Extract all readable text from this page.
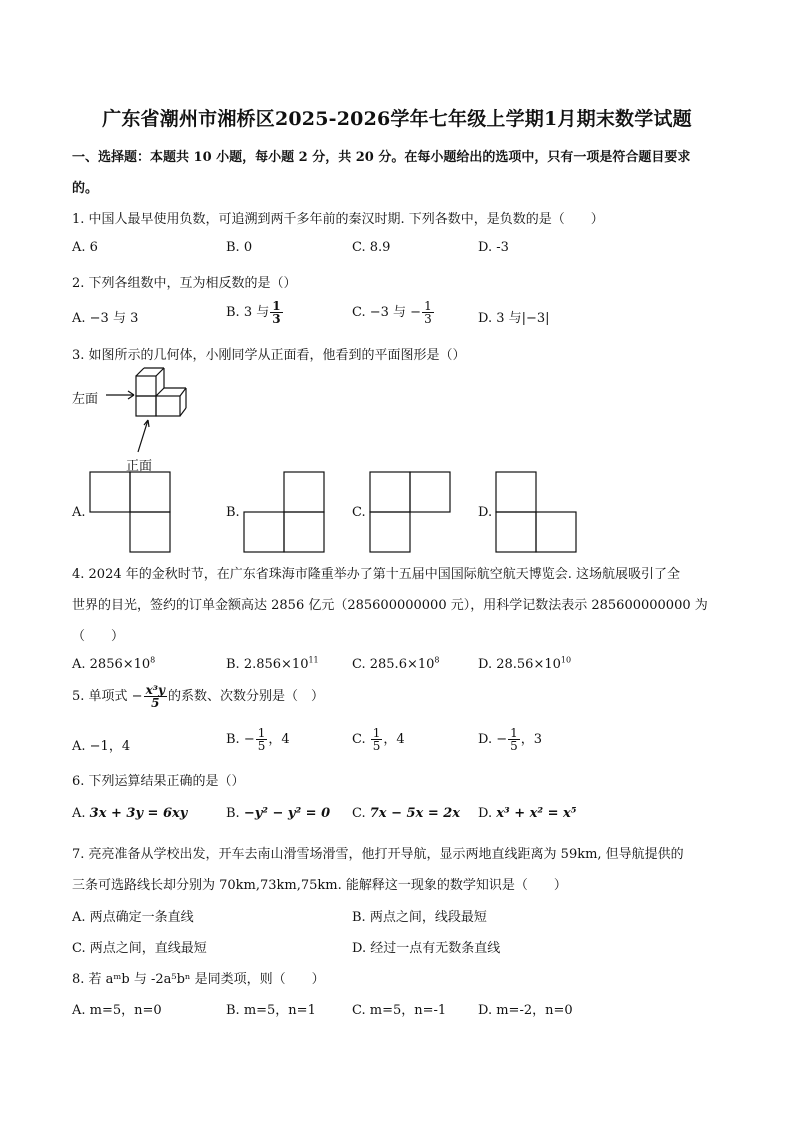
广东省潮州市湘桥区2025-2026学年七年级上学期1月期末数学试题
一、选择题：本题共 10 小题，每小题 2 分，共 20 分。在每小题给出的选项中，只有一项是符合题目要求
的。
1. 中国人最早使用负数，可追溯到两千多年前的秦汉时期. 下列各数中，是负数的是（　　）
A. 6	B. 0	C. 8.9	D. -3
2. 下列各组数中，互为相反数的是（）
A. −3 与 3	B. 3 与 $\frac{1}{3}$	C. −3 与 − $\frac{1}{3}$	D. 3 与|−3|
3. 如图所示的几何体，小刚同学从正面看，他看到的平面图形是（）
左面
正面
A.	B.	C.	D.
4. 2024 年的金秋时节，在广东省珠海市隆重举办了第十五届中国国际航空航天博览会. 这场航展吸引了全
世界的目光，签约的订单金额高达 2856 亿元（285600000000 元），用科学记数法表示 285600000000 为
（　　）
A. $2856\times 10^8$	B. $2.856\times 10^{11}$	C. $285.6\times 10^8$	D. $28.56\times 10^{10}$
5. 单项式 − $\frac{\text{x³y}}{5}$ 的系数、次数分别是（　）
A. −1，4	B. − $\frac{1}{5}$ ，4	C. $\frac{1}{5}$ ，4	D. − $\frac{1}{5}$ ，3
6. 下列运算结果正确的是（）
A. 3x + 3y = 6xy	B. −y² − y² = 0 C. 7x − 5x = 2x D. x³ + x² = x⁵
7. 亮亮准备从学校出发，开车去南山滑雪场滑雪，他打开导航，显示两地直线距离为 59km, 但导航提供的
三条可选路线长却分别为 70km,73km,75km. 能解释这一现象的数学知识是（　　）
A. 两点确定一条直线	B. 两点之间，线段最短
C. 两点之间，直线最短	D. 经过一点有无数条直线
8. 若 aᵐb 与 -2a⁵bⁿ 是同类项，则（　　）
A. m=5，n=0	B. m=5，n=1	C. m=5，n=-1 D. m=-2，n=0
